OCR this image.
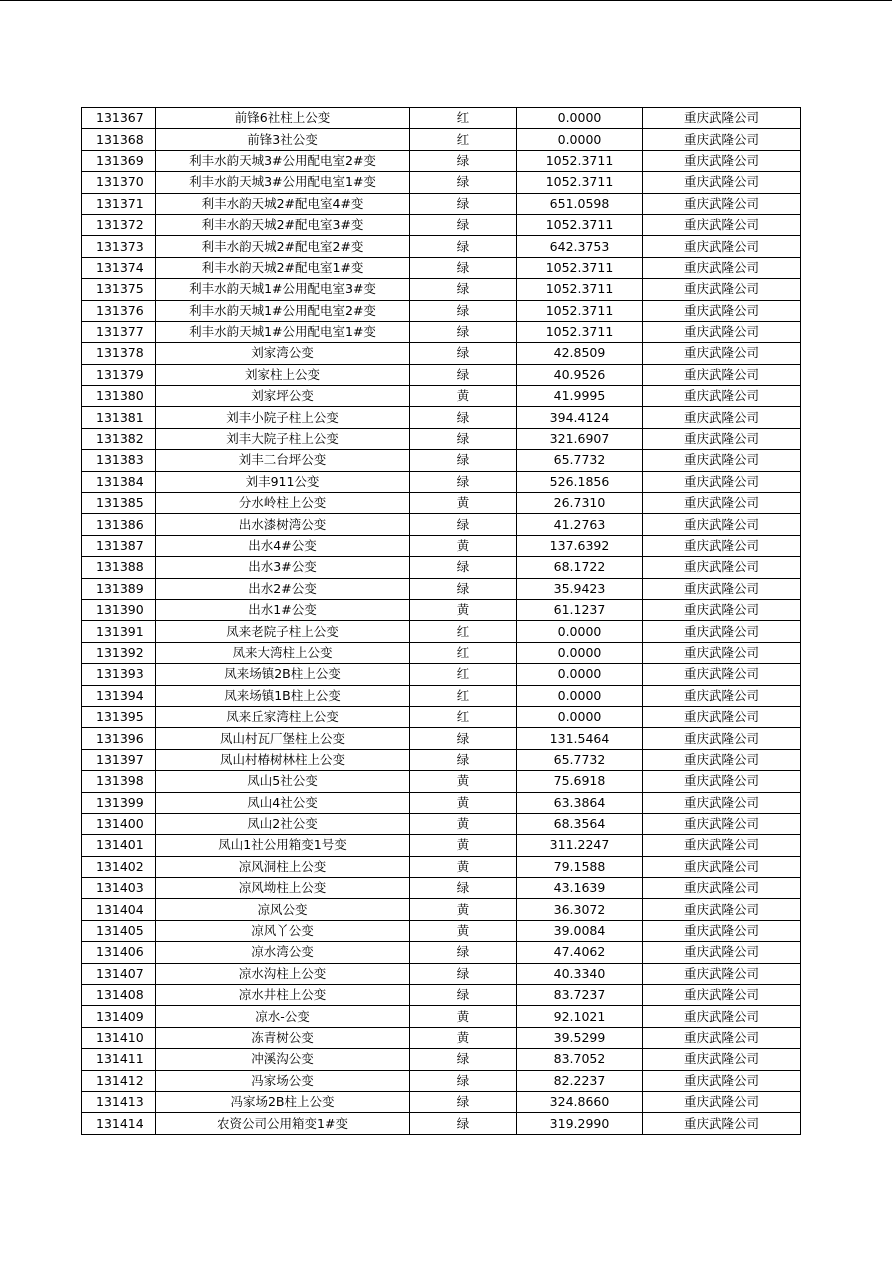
131367	前锋6社柱上公变	红	0.0000	重庆武隆公司
131368	前锋3社公变	红	0.0000	重庆武隆公司
131369	利丰水韵天城3#公用配电室2#变	绿	1052.3711	重庆武隆公司
131370	利丰水韵天城3#公用配电室1#变	绿	1052.3711	重庆武隆公司
131371	利丰水韵天城2#配电室4#变	绿	651.0598	重庆武隆公司
131372	利丰水韵天城2#配电室3#变	绿	1052.3711	重庆武隆公司
131373	利丰水韵天城2#配电室2#变	绿	642.3753	重庆武隆公司
131374	利丰水韵天城2#配电室1#变	绿	1052.3711	重庆武隆公司
131375	利丰水韵天城1#公用配电室3#变	绿	1052.3711	重庆武隆公司
131376	利丰水韵天城1#公用配电室2#变	绿	1052.3711	重庆武隆公司
131377	利丰水韵天城1#公用配电室1#变	绿	1052.3711	重庆武隆公司
131378	刘家湾公变	绿	42.8509	重庆武隆公司
131379	刘家柱上公变	绿	40.9526	重庆武隆公司
131380	刘家坪公变	黄	41.9995	重庆武隆公司
131381	刘丰小院子柱上公变	绿	394.4124	重庆武隆公司
131382	刘丰大院子柱上公变	绿	321.6907	重庆武隆公司
131383	刘丰二台坪公变	绿	65.7732	重庆武隆公司
131384	刘丰911公变	绿	526.1856	重庆武隆公司
131385	分水岭柱上公变	黄	26.7310	重庆武隆公司
131386	出水漆树湾公变	绿	41.2763	重庆武隆公司
131387	出水4#公变	黄	137.6392	重庆武隆公司
131388	出水3#公变	绿	68.1722	重庆武隆公司
131389	出水2#公变	绿	35.9423	重庆武隆公司
131390	出水1#公变	黄	61.1237	重庆武隆公司
131391	凤来老院子柱上公变	红	0.0000	重庆武隆公司
131392	凤来大湾柱上公变	红	0.0000	重庆武隆公司
131393	凤来场镇2B柱上公变	红	0.0000	重庆武隆公司
131394	凤来场镇1B柱上公变	红	0.0000	重庆武隆公司
131395	凤来丘家湾柱上公变	红	0.0000	重庆武隆公司
131396	凤山村瓦厂堡柱上公变	绿	131.5464	重庆武隆公司
131397	凤山村椿树林柱上公变	绿	65.7732	重庆武隆公司
131398	凤山5社公变	黄	75.6918	重庆武隆公司
131399	凤山4社公变	黄	63.3864	重庆武隆公司
131400	凤山2社公变	黄	68.3564	重庆武隆公司
131401	凤山1社公用箱变1号变	黄	311.2247	重庆武隆公司
131402	凉风洞柱上公变	黄	79.1588	重庆武隆公司
131403	凉风坳柱上公变	绿	43.1639	重庆武隆公司
131404	凉风公变	黄	36.3072	重庆武隆公司
131405	凉风丫公变	黄	39.0084	重庆武隆公司
131406	凉水湾公变	绿	47.4062	重庆武隆公司
131407	凉水沟柱上公变	绿	40.3340	重庆武隆公司
131408	凉水井柱上公变	绿	83.7237	重庆武隆公司
131409	凉水-公变	黄	92.1021	重庆武隆公司
131410	冻青树公变	黄	39.5299	重庆武隆公司
131411	冲溪沟公变	绿	83.7052	重庆武隆公司
131412	冯家场公变	绿	82.2237	重庆武隆公司
131413	冯家场2B柱上公变	绿	324.8660	重庆武隆公司
131414	农资公司公用箱变1#变	绿	319.2990	重庆武隆公司
